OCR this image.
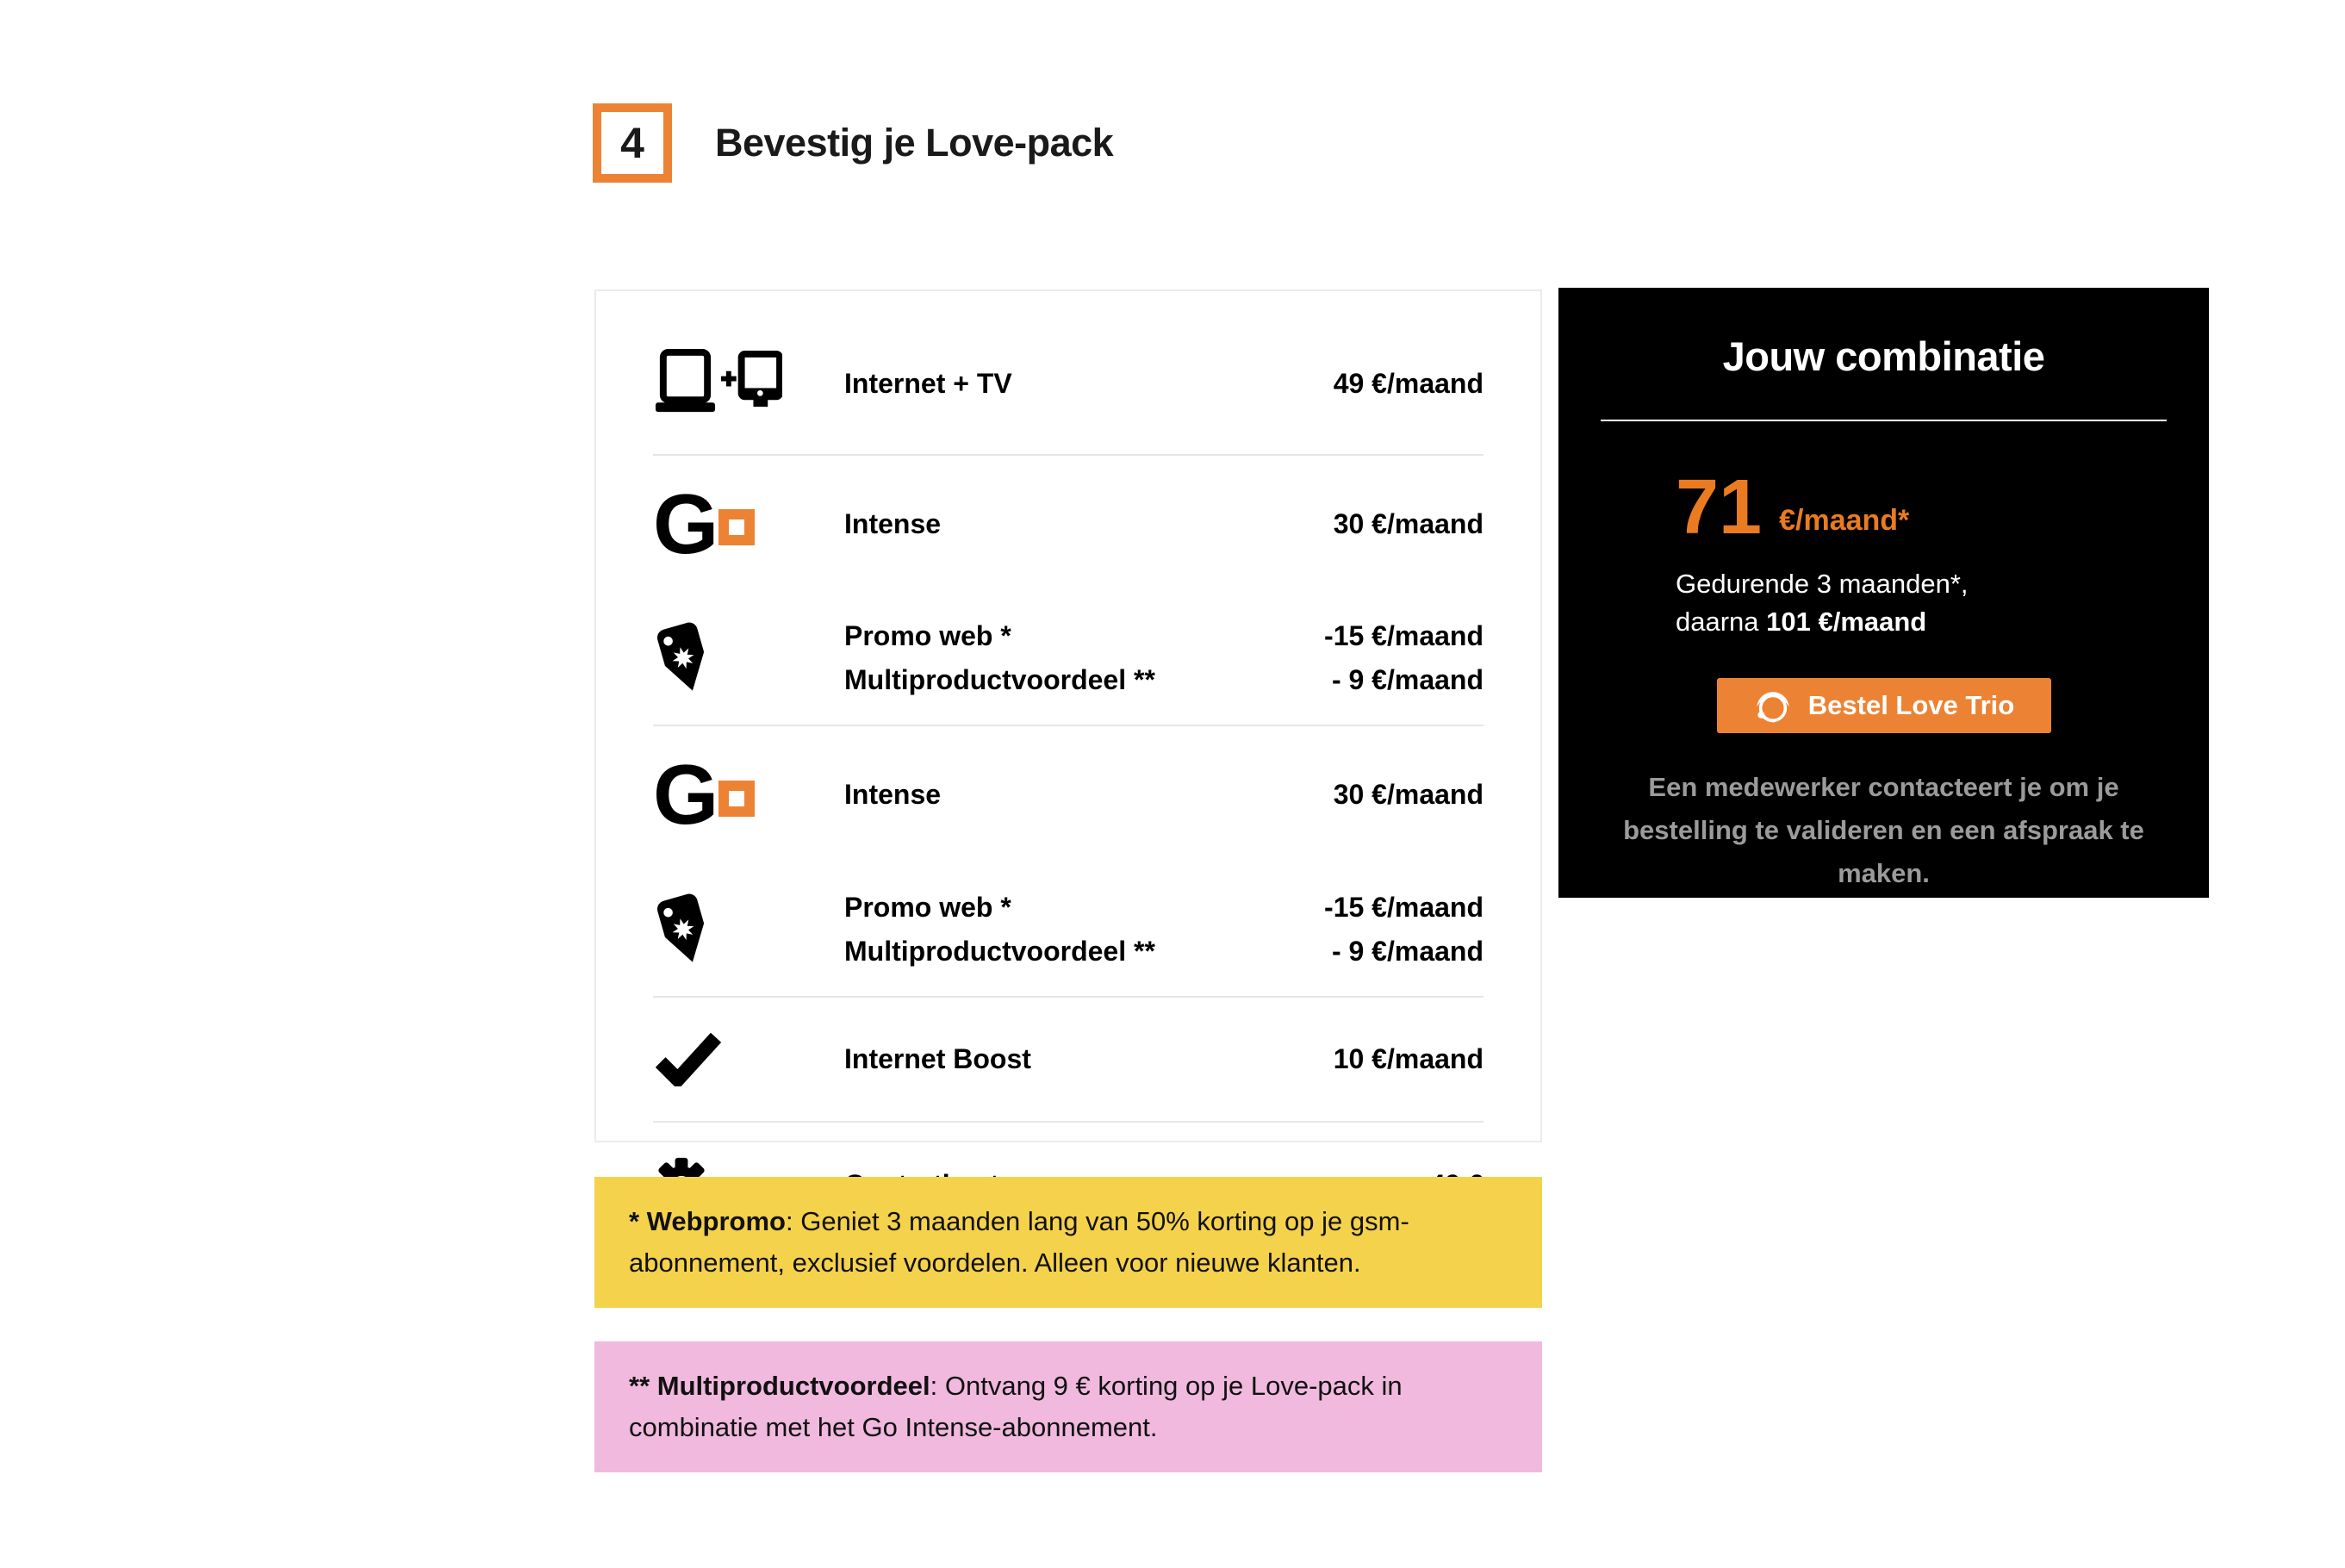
4 Bevestig je Love-pack
Internet + TV	49 €/maand
G	Intense	30 €/maand
Promo web *	-15 €/maand
Multiproductvoordeel **	- 9 €/maand
G	Intense	30 €/maand
Promo web *	-15 €/maand
Multiproductvoordeel **	- 9 €/maand
Internet Boost	10 €/maand
Jouw combinatie
71 €/maand*
Gedurende 3 maanden*,
daarna 101 €/maand
Bestel Love Trio
Een medewerker contacteert je om je bestelling te valideren en een afspraak te maken.
* Webpromo: Geniet 3 maanden lang van 50% korting op je gsm-abonnement, exclusief voordelen. Alleen voor nieuwe klanten.
** Multiproductvoordeel: Ontvang 9 € korting op je Love-pack in combinatie met het Go Intense-abonnement.
